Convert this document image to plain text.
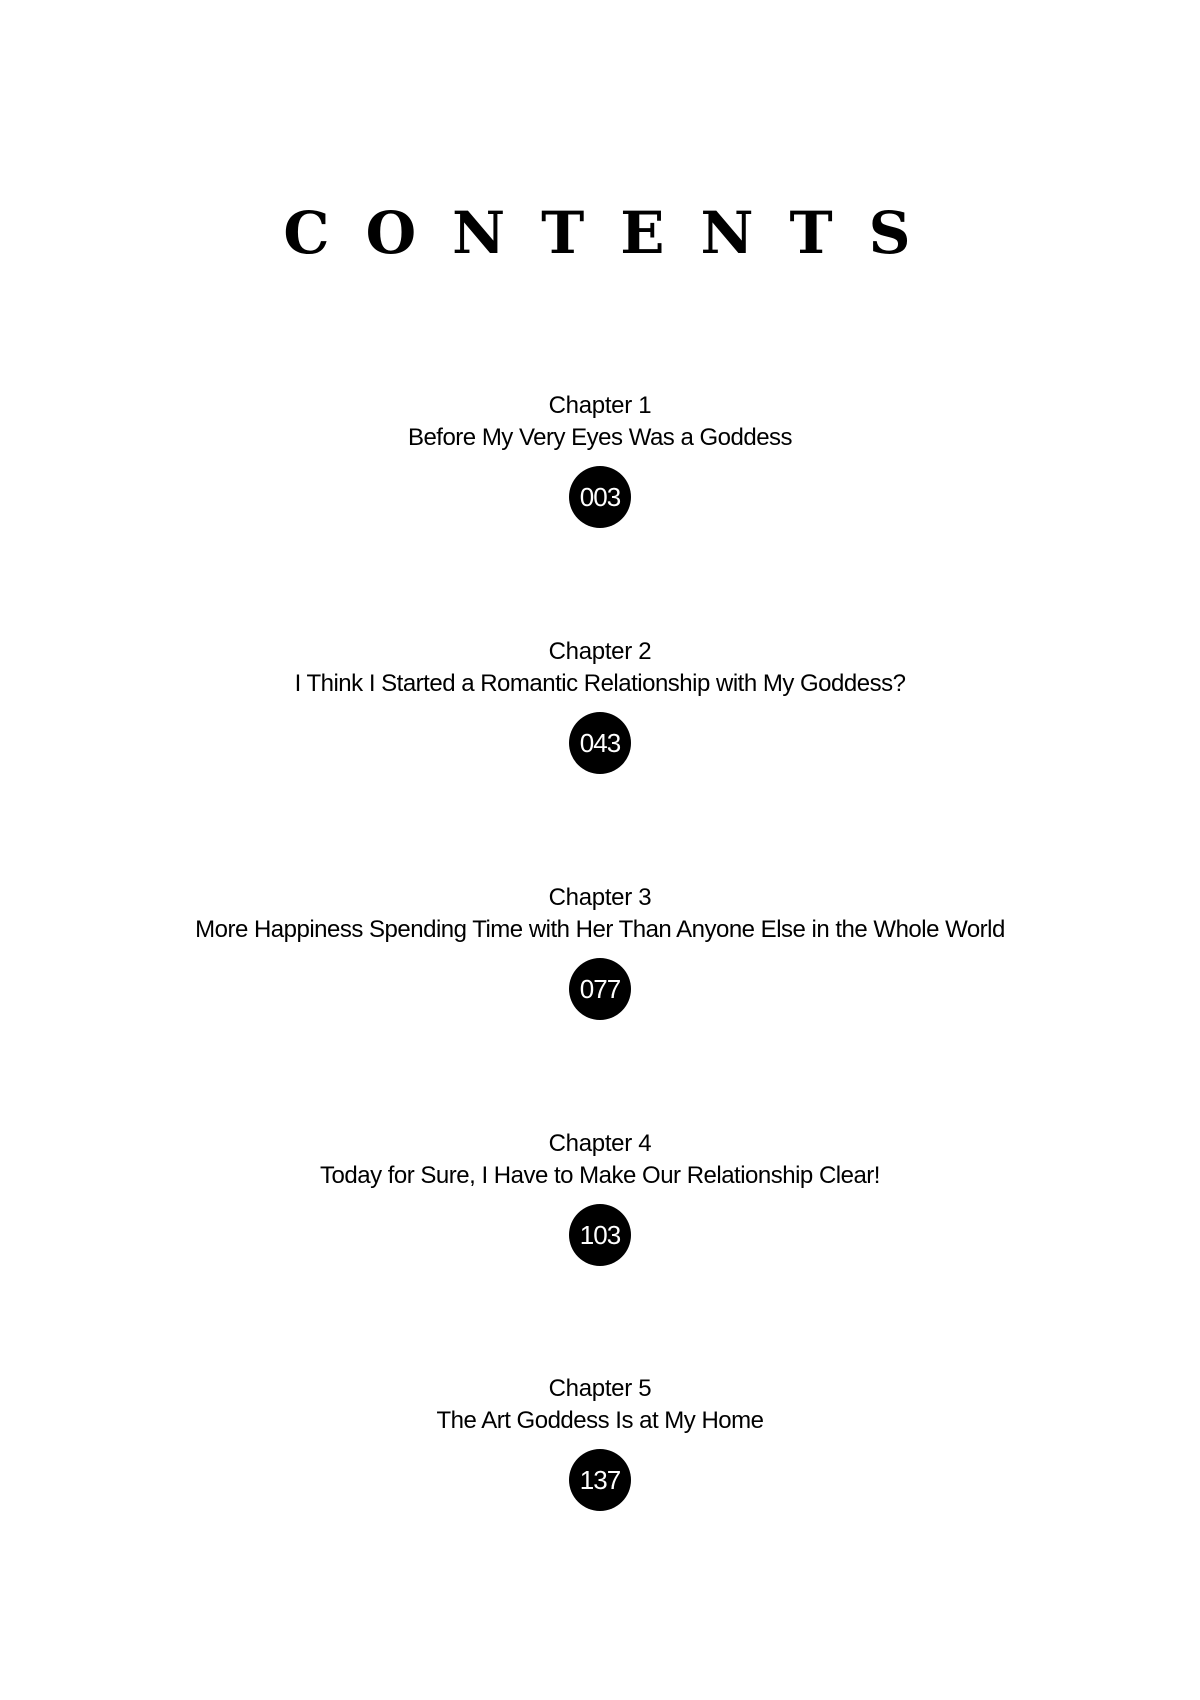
CONTENTS
Chapter 1
Before My Very Eyes Was a Goddess
003
Chapter 2
I Think I Started a Romantic Relationship with My Goddess?
043
Chapter 3
More Happiness Spending Time with Her Than Anyone Else in the Whole World
077
Chapter 4
Today for Sure, I Have to Make Our Relationship Clear!
103
Chapter 5
The Art Goddess Is at My Home
137
